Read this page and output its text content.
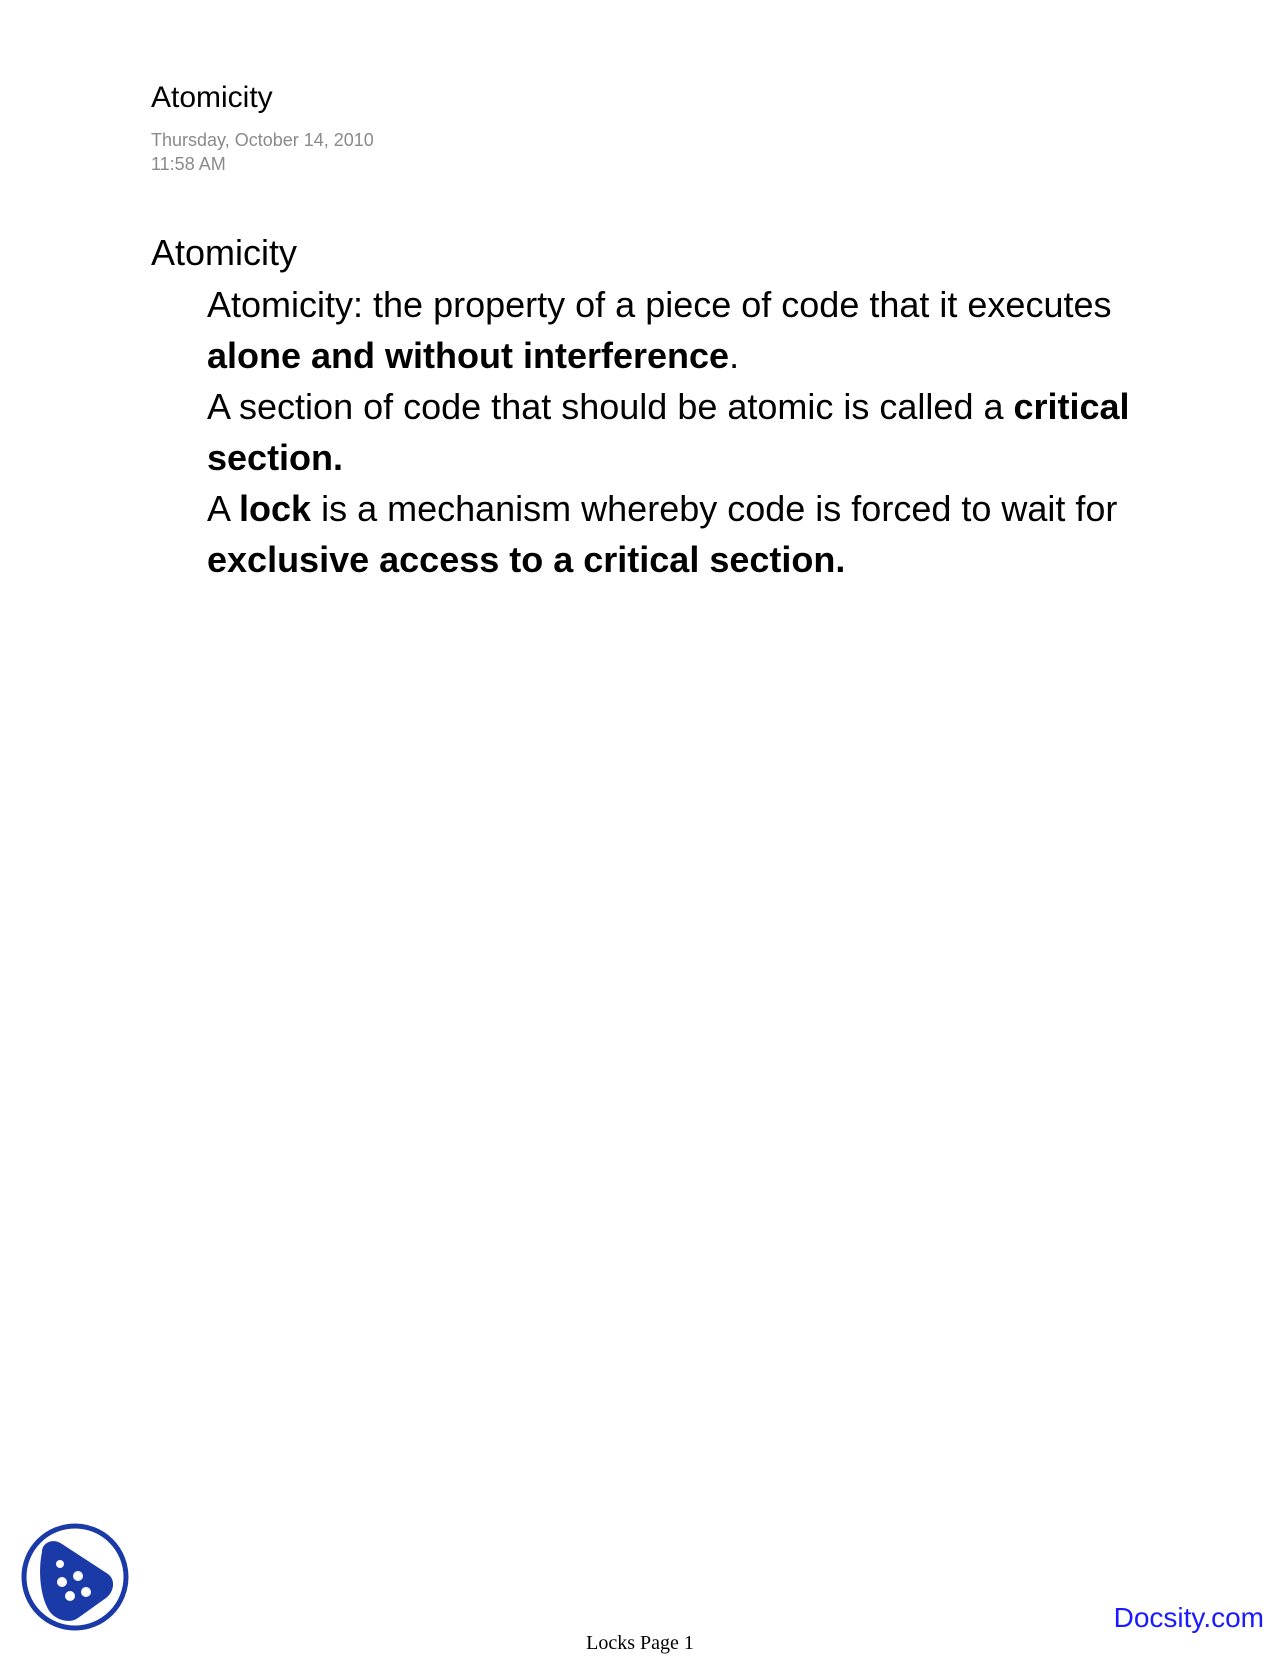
Atomicity
Thursday, October 14, 2010
11:58 AM
Atomicity

Atomicity: the property of a piece of code that it executes alone and without interference.

A section of code that should be atomic is called a critical section.

A lock is a mechanism whereby code is forced to wait for exclusive access to a critical section.

Docsity.com
Locks Page 1
